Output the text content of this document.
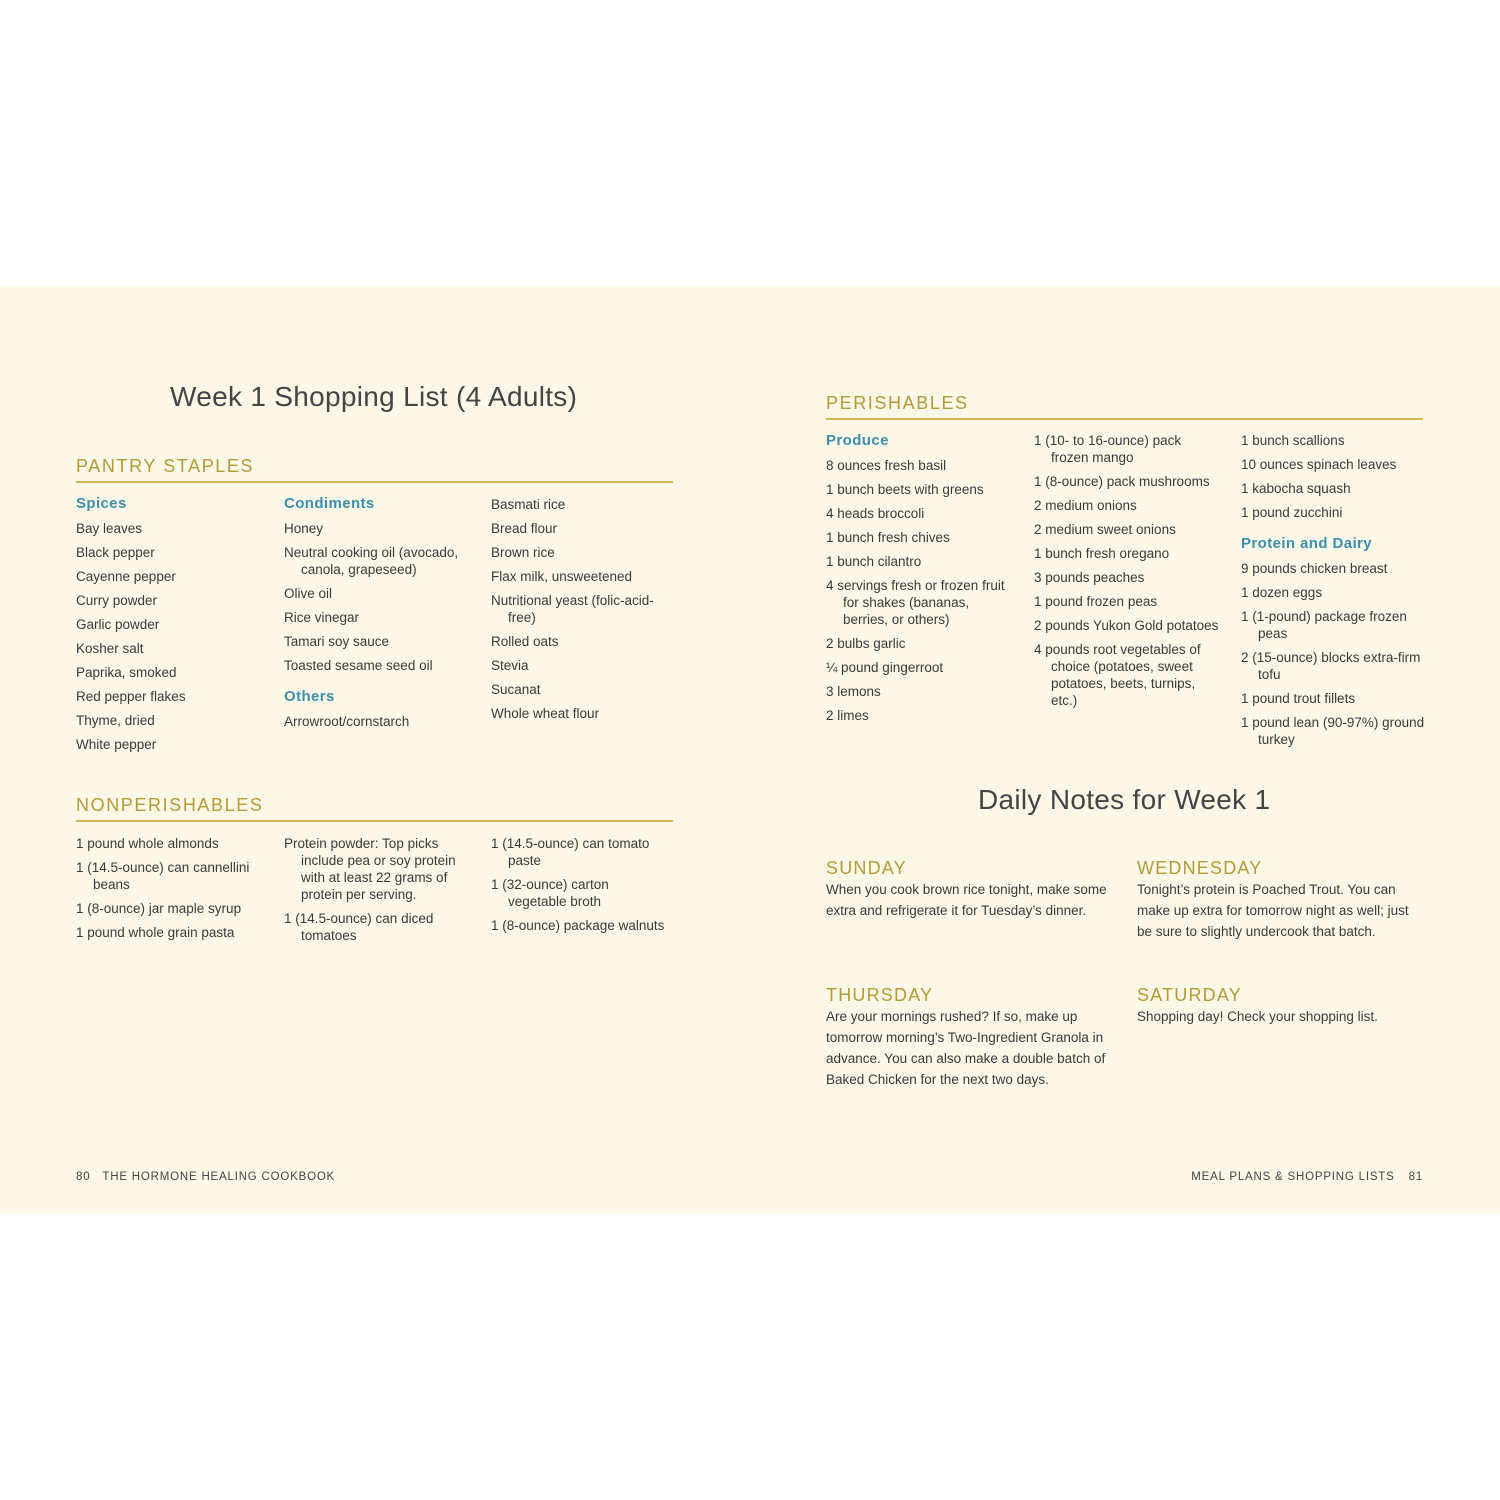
Week 1 Shopping List (4 Adults)
PANTRY STAPLES
Spices
Bay leaves
Black pepper
Cayenne pepper
Curry powder
Garlic powder
Kosher salt
Paprika, smoked
Red pepper flakes
Thyme, dried
White pepper
Condiments
Honey
Neutral cooking oil (avocado, canola, grapeseed)
Olive oil
Rice vinegar
Tamari soy sauce
Toasted sesame seed oil
Others
Arrowroot/cornstarch
Basmati rice
Bread flour
Brown rice
Flax milk, unsweetened
Nutritional yeast (folic-acid-free)
Rolled oats
Stevia
Sucanat
Whole wheat flour
NONPERISHABLES
1 pound whole almonds
1 (14.5-ounce) can cannellini beans
1 (8-ounce) jar maple syrup
1 pound whole grain pasta
Protein powder: Top picks include pea or soy protein with at least 22 grams of protein per serving.
1 (14.5-ounce) can diced tomatoes
1 (14.5-ounce) can tomato paste
1 (32-ounce) carton vegetable broth
1 (8-ounce) package walnuts
80 THE HORMONE HEALING COOKBOOK
PERISHABLES
Produce
8 ounces fresh basil
1 bunch beets with greens
4 heads broccoli
1 bunch fresh chives
1 bunch cilantro
4 servings fresh or frozen fruit for shakes (bananas, berries, or others)
2 bulbs garlic
¼ pound gingerroot
3 lemons
2 limes
1 (10- to 16-ounce) pack frozen mango
1 (8-ounce) pack mushrooms
2 medium onions
2 medium sweet onions
1 bunch fresh oregano
3 pounds peaches
1 pound frozen peas
2 pounds Yukon Gold potatoes
4 pounds root vegetables of choice (potatoes, sweet potatoes, beets, turnips, etc.)
1 bunch scallions
10 ounces spinach leaves
1 kabocha squash
1 pound zucchini
Protein and Dairy
9 pounds chicken breast
1 dozen eggs
1 (1-pound) package frozen peas
2 (15-ounce) blocks extra-firm tofu
1 pound trout fillets
1 pound lean (90-97%) ground turkey
Daily Notes for Week 1
SUNDAY
When you cook brown rice tonight, make some extra and refrigerate it for Tuesday’s dinner.
WEDNESDAY
Tonight’s protein is Poached Trout. You can make up extra for tomorrow night as well; just be sure to slightly undercook that batch.
THURSDAY
Are your mornings rushed? If so, make up tomorrow morning’s Two-Ingredient Granola in advance. You can also make a double batch of Baked Chicken for the next two days.
SATURDAY
Shopping day! Check your shopping list.
MEAL PLANS & SHOPPING LISTS 81
